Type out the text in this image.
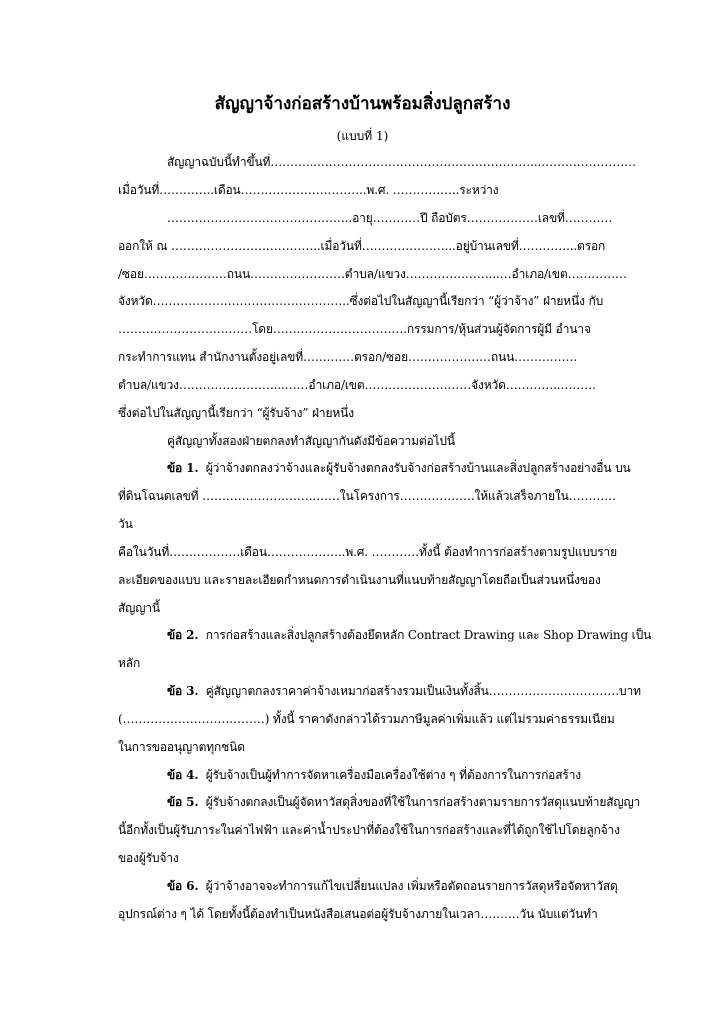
สัญญาจ้างก่อสร้างบ้านพร้อมสิ่งปลูกสร้าง
(แบบที่ 1)
สัญญาฉบับนี้ทำขึ้นที่………...………………………………………………...……………………
เมื่อวันที่…………..เดือน…………………………..พ.ศ. ……………..ระหว่าง
………………………………………..อายุ…………ปี ถือบัตร………………เลขที่…………
ออกให้ ณ ………………………………..เมื่อวันที่…………………...อยู่บ้านเลขที่…………...ตรอก
/ซอย…………………ถนน……………………ตำบล/แขวง…………………...…อำเภอ/เขต……………
จังหวัด…………………………………………..ซึ่งต่อไปในสัญญานี้เรียกว่า “ผู้ว่าจ้าง” ฝ่ายหนึ่ง กับ
……………………….……โดย…………………………….กรรมการ/หุ้นส่วนผู้จัดการผู้มี อำนาจ
กระทำการแทน สำนักงานตั้งอยู่เลขที่…….……ตรอก/ซอย…………………ถนน…………….
ตำบล/แขวง……………………...……อำเภอ/เขต………………………จังหวัด…………..………
ซึ่งต่อไปในสัญญานี้เรียกว่า “ผู้รับจ้าง” ฝ่ายหนึ่ง
คู่สัญญาทั้งสองฝ่ายตกลงทำสัญญากันดังมีข้อความต่อไปนี้
ข้อ 1. ผู้ว่าจ้างตกลงว่าจ้างและผู้รับจ้างตกลงรับจ้างก่อสร้างบ้านและสิ่งปลูกสร้างอย่างอื่น บน
ที่ดินโฉนดเลขที่ ………………………..……ในโครงการ……………….ให้แล้วเสร็จภายใน…………
วัน
คือในวันที่………………เดือน………………..พ.ศ. …………ทั้งนี้ ต้องทำการก่อสร้างตามรูปแบบราย
ละเอียดของแบบ และรายละเอียดกำหนดการดำเนินงานที่แนบท้ายสัญญาโดยถือเป็นส่วนหนึ่งของ
สัญญานี้
ข้อ 2. การก่อสร้างและสิ่งปลูกสร้างต้องยึดหลัก Contract Drawing และ Shop Drawing เป็น
หลัก
ข้อ 3. คู่สัญญาตกลงราคาค่าจ้างเหมาก่อสร้างรวมเป็นเงินทั้งสิ้น……………………………บาท
(………………………………) ทั้งนี้ ราคาดังกล่าวได้รวมภาษีมูลค่าเพิ่มแล้ว แต่ไม่รวมค่าธรรมเนียม
ในการขออนุญาตทุกชนิด
ข้อ 4. ผู้รับจ้างเป็นผู้ทำการจัดหาเครื่องมือเครื่องใช้ต่าง ๆ ที่ต้องการในการก่อสร้าง
ข้อ 5. ผู้รับจ้างตกลงเป็นผู้จัดหาวัสดุสิ่งของที่ใช้ในการก่อสร้างตามรายการวัสดุแนบท้ายสัญญา
นี้อีกทั้งเป็นผู้รับภาระในค่าไฟฟ้า และค่าน้ำประปาที่ต้องใช้ในการก่อสร้างและที่ได้ถูกใช้ไปโดยลูกจ้าง
ของผู้รับจ้าง
ข้อ 6. ผู้ว่าจ้างอาจจะทำการแก้ไขเปลี่ยนแปลง เพิ่มหรือตัดถอนรายการวัสดุหรือจัดหาวัสดุ
อุปกรณ์ต่าง ๆ ได้ โดยทั้งนี้ต้องทำเป็นหนังสือเสนอต่อผู้รับจ้างภายในเวลา……….วัน นับแต่วันทำ
